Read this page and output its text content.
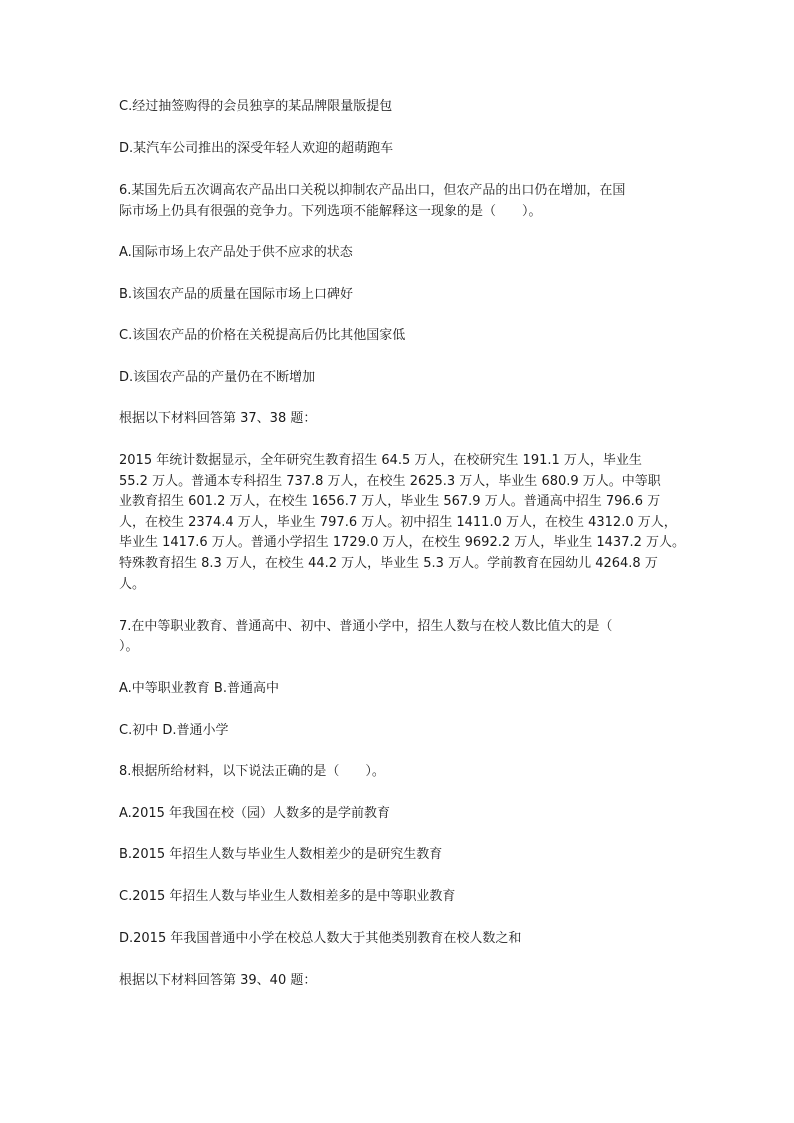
C.经过抽签购得的会员独享的某品牌限量版提包
D.某汽车公司推出的深受年轻人欢迎的超萌跑车
6.某国先后五次调高农产品出口关税以抑制农产品出口，但农产品的出口仍在增加，在国
际市场上仍具有很强的竞争力。下列选项不能解释这一现象的是（　　）。
A.国际市场上农产品处于供不应求的状态
B.该国农产品的质量在国际市场上口碑好
C.该国农产品的价格在关税提高后仍比其他国家低
D.该国农产品的产量仍在不断增加
根据以下材料回答第 37、38 题：
2015 年统计数据显示，全年研究生教育招生 64.5 万人，在校研究生 191.1 万人，毕业生
55.2 万人。普通本专科招生 737.8 万人，在校生 2625.3 万人，毕业生 680.9 万人。中等职
业教育招生 601.2 万人，在校生 1656.7 万人，毕业生 567.9 万人。普通高中招生 796.6 万
人，在校生 2374.4 万人，毕业生 797.6 万人。初中招生 1411.0 万人，在校生 4312.0 万人，
毕业生 1417.6 万人。普通小学招生 1729.0 万人，在校生 9692.2 万人，毕业生 1437.2 万人。
特殊教育招生 8.3 万人，在校生 44.2 万人，毕业生 5.3 万人。学前教育在园幼儿 4264.8 万
人。
7.在中等职业教育、普通高中、初中、普通小学中，招生人数与在校人数比值大的是（
）。
A.中等职业教育 B.普通高中
C.初中 D.普通小学
8.根据所给材料，以下说法正确的是（　　）。
A.2015 年我国在校（园）人数多的是学前教育
B.2015 年招生人数与毕业生人数相差少的是研究生教育
C.2015 年招生人数与毕业生人数相差多的是中等职业教育
D.2015 年我国普通中小学在校总人数大于其他类别教育在校人数之和
根据以下材料回答第 39、40 题：
